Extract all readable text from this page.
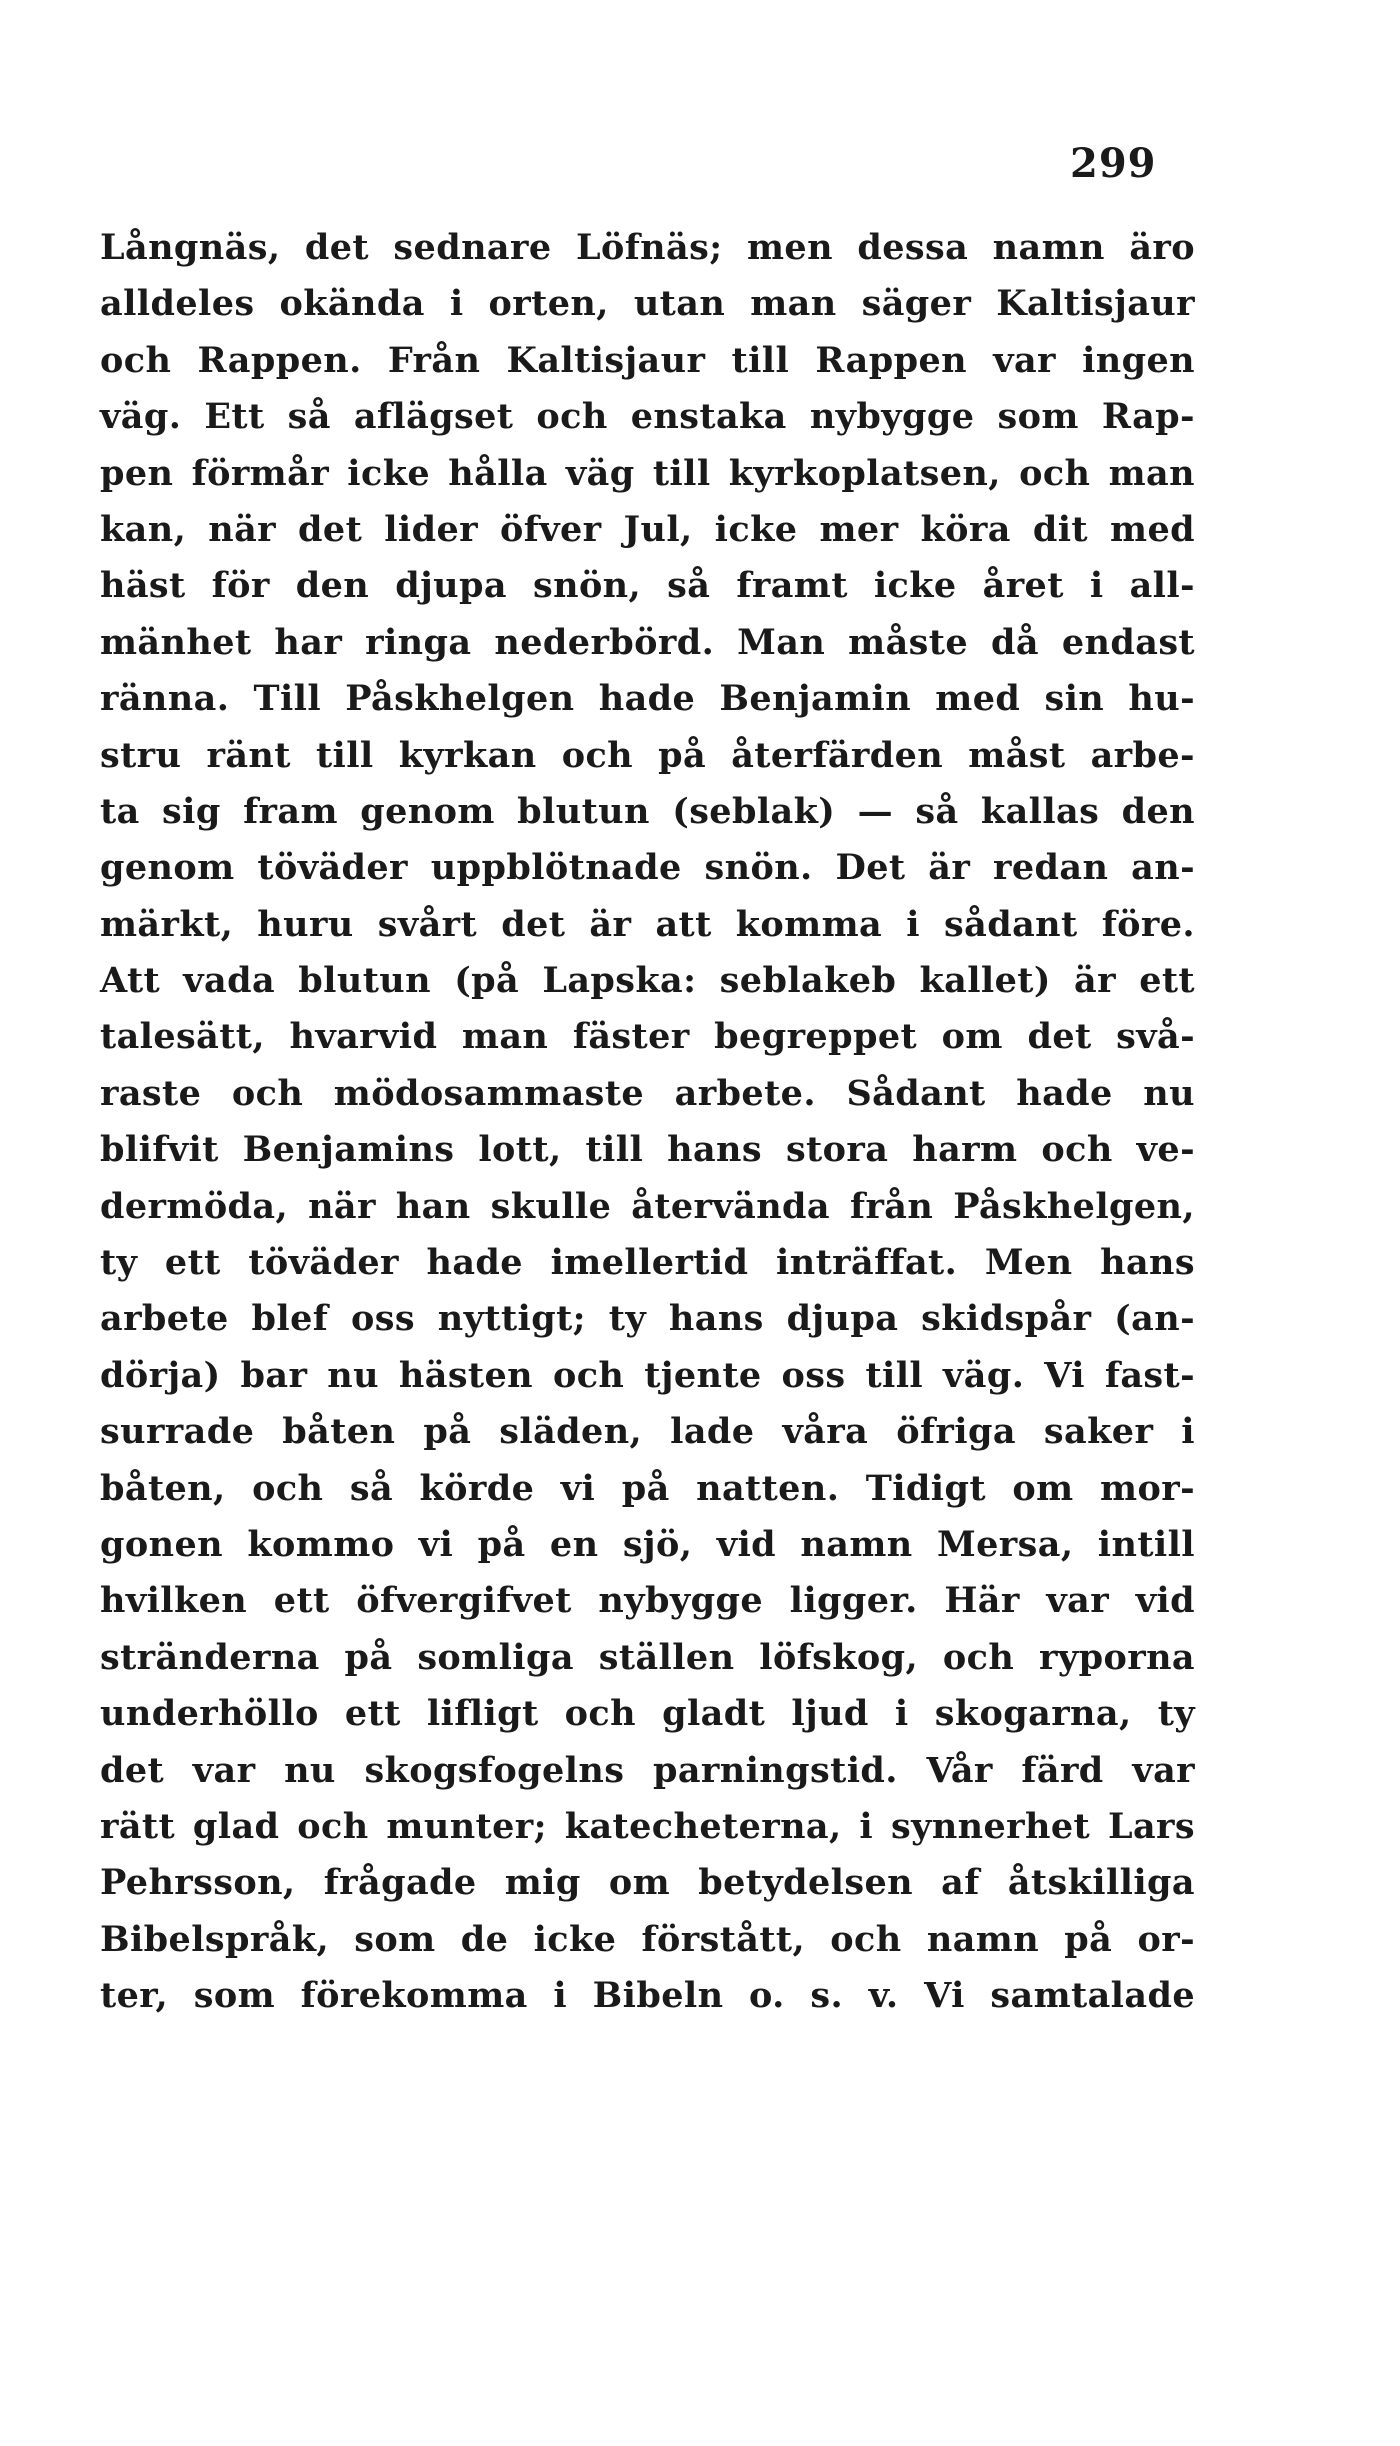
299
Långnäs, det sednare Löfnäs; men dessa namn äro
alldeles okända i orten, utan man säger Kaltisjaur
och Rappen. Från Kaltisjaur till Rappen var ingen
väg. Ett så aflägset och enstaka nybygge som Rap-
pen förmår icke hålla väg till kyrkoplatsen, och man
kan, när det lider öfver Jul, icke mer köra dit med
häst för den djupa snön, så framt icke året i all-
mänhet har ringa nederbörd. Man måste då endast
ränna. Till Påskhelgen hade Benjamin med sin hu-
stru ränt till kyrkan och på återfärden måst arbe-
ta sig fram genom blutun (seblak) — så kallas den
genom töväder uppblötnade snön. Det är redan an-
märkt, huru svårt det är att komma i sådant före.
Att vada blutun (på Lapska: seblakeb kallet) är ett
talesätt, hvarvid man fäster begreppet om det svå-
raste och mödosammaste arbete. Sådant hade nu
blifvit Benjamins lott, till hans stora harm och ve-
dermöda, när han skulle återvända från Påskhelgen,
ty ett töväder hade imellertid inträffat. Men hans
arbete blef oss nyttigt; ty hans djupa skidspår (an-
dörja) bar nu hästen och tjente oss till väg. Vi fast-
surrade båten på släden, lade våra öfriga saker i
båten, och så körde vi på natten. Tidigt om mor-
gonen kommo vi på en sjö, vid namn Mersa, intill
hvilken ett öfvergifvet nybygge ligger. Här var vid
stränderna på somliga ställen löfskog, och ryporna
underhöllo ett lifligt och gladt ljud i skogarna, ty
det var nu skogsfogelns parningstid. Vår färd var
rätt glad och munter; katecheterna, i synnerhet Lars
Pehrsson, frågade mig om betydelsen af åtskilliga
Bibelspråk, som de icke förstått, och namn på or-
ter, som förekomma i Bibeln o. s. v. Vi samtalade
